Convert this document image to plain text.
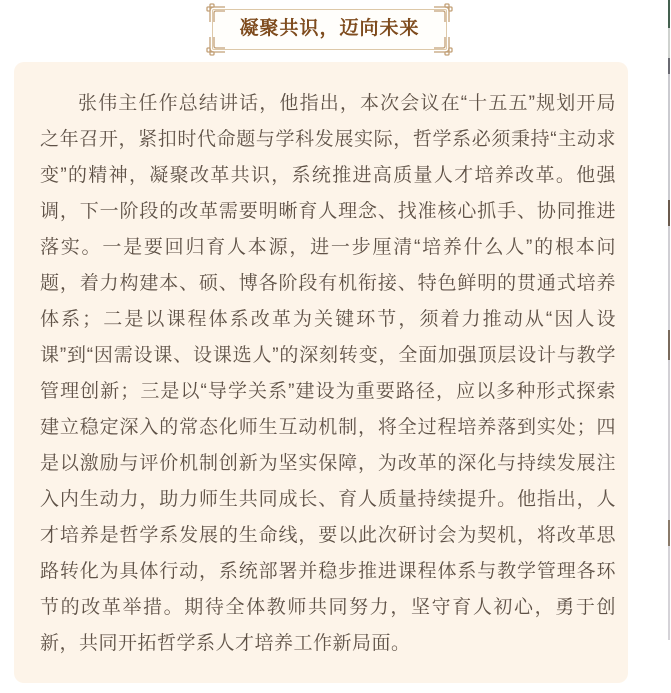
凝聚共识，迈向未来

张伟主任作总结讲话，他指出，本次会议在“十五五”规划开局之年召开，紧扣时代命题与学科发展实际，哲学系必须秉持“主动求变”的精神，凝聚改革共识，系统推进高质量人才培养改革。他强调，下一阶段的改革需要明晰育人理念、找准核心抓手、协同推进落实。一是要回归育人本源，进一步厘清“培养什么人”的根本问题，着力构建本、硕、博各阶段有机衔接、特色鲜明的贯通式培养体系；二是以课程体系改革为关键环节，须着力推动从“因人设课”到“因需设课、设课选人”的深刻转变，全面加强顶层设计与教学管理创新；三是以“导学关系”建设为重要路径，应以多种形式探索建立稳定深入的常态化师生互动机制，将全过程培养落到实处；四是以激励与评价机制创新为坚实保障，为改革的深化与持续发展注入内生动力，助力师生共同成长、育人质量持续提升。他指出，人才培养是哲学系发展的生命线，要以此次研讨会为契机，将改革思路转化为具体行动，系统部署并稳步推进课程体系与教学管理各环节的改革举措。期待全体教师共同努力，坚守育人初心，勇于创新，共同开拓哲学系人才培养工作新局面。
